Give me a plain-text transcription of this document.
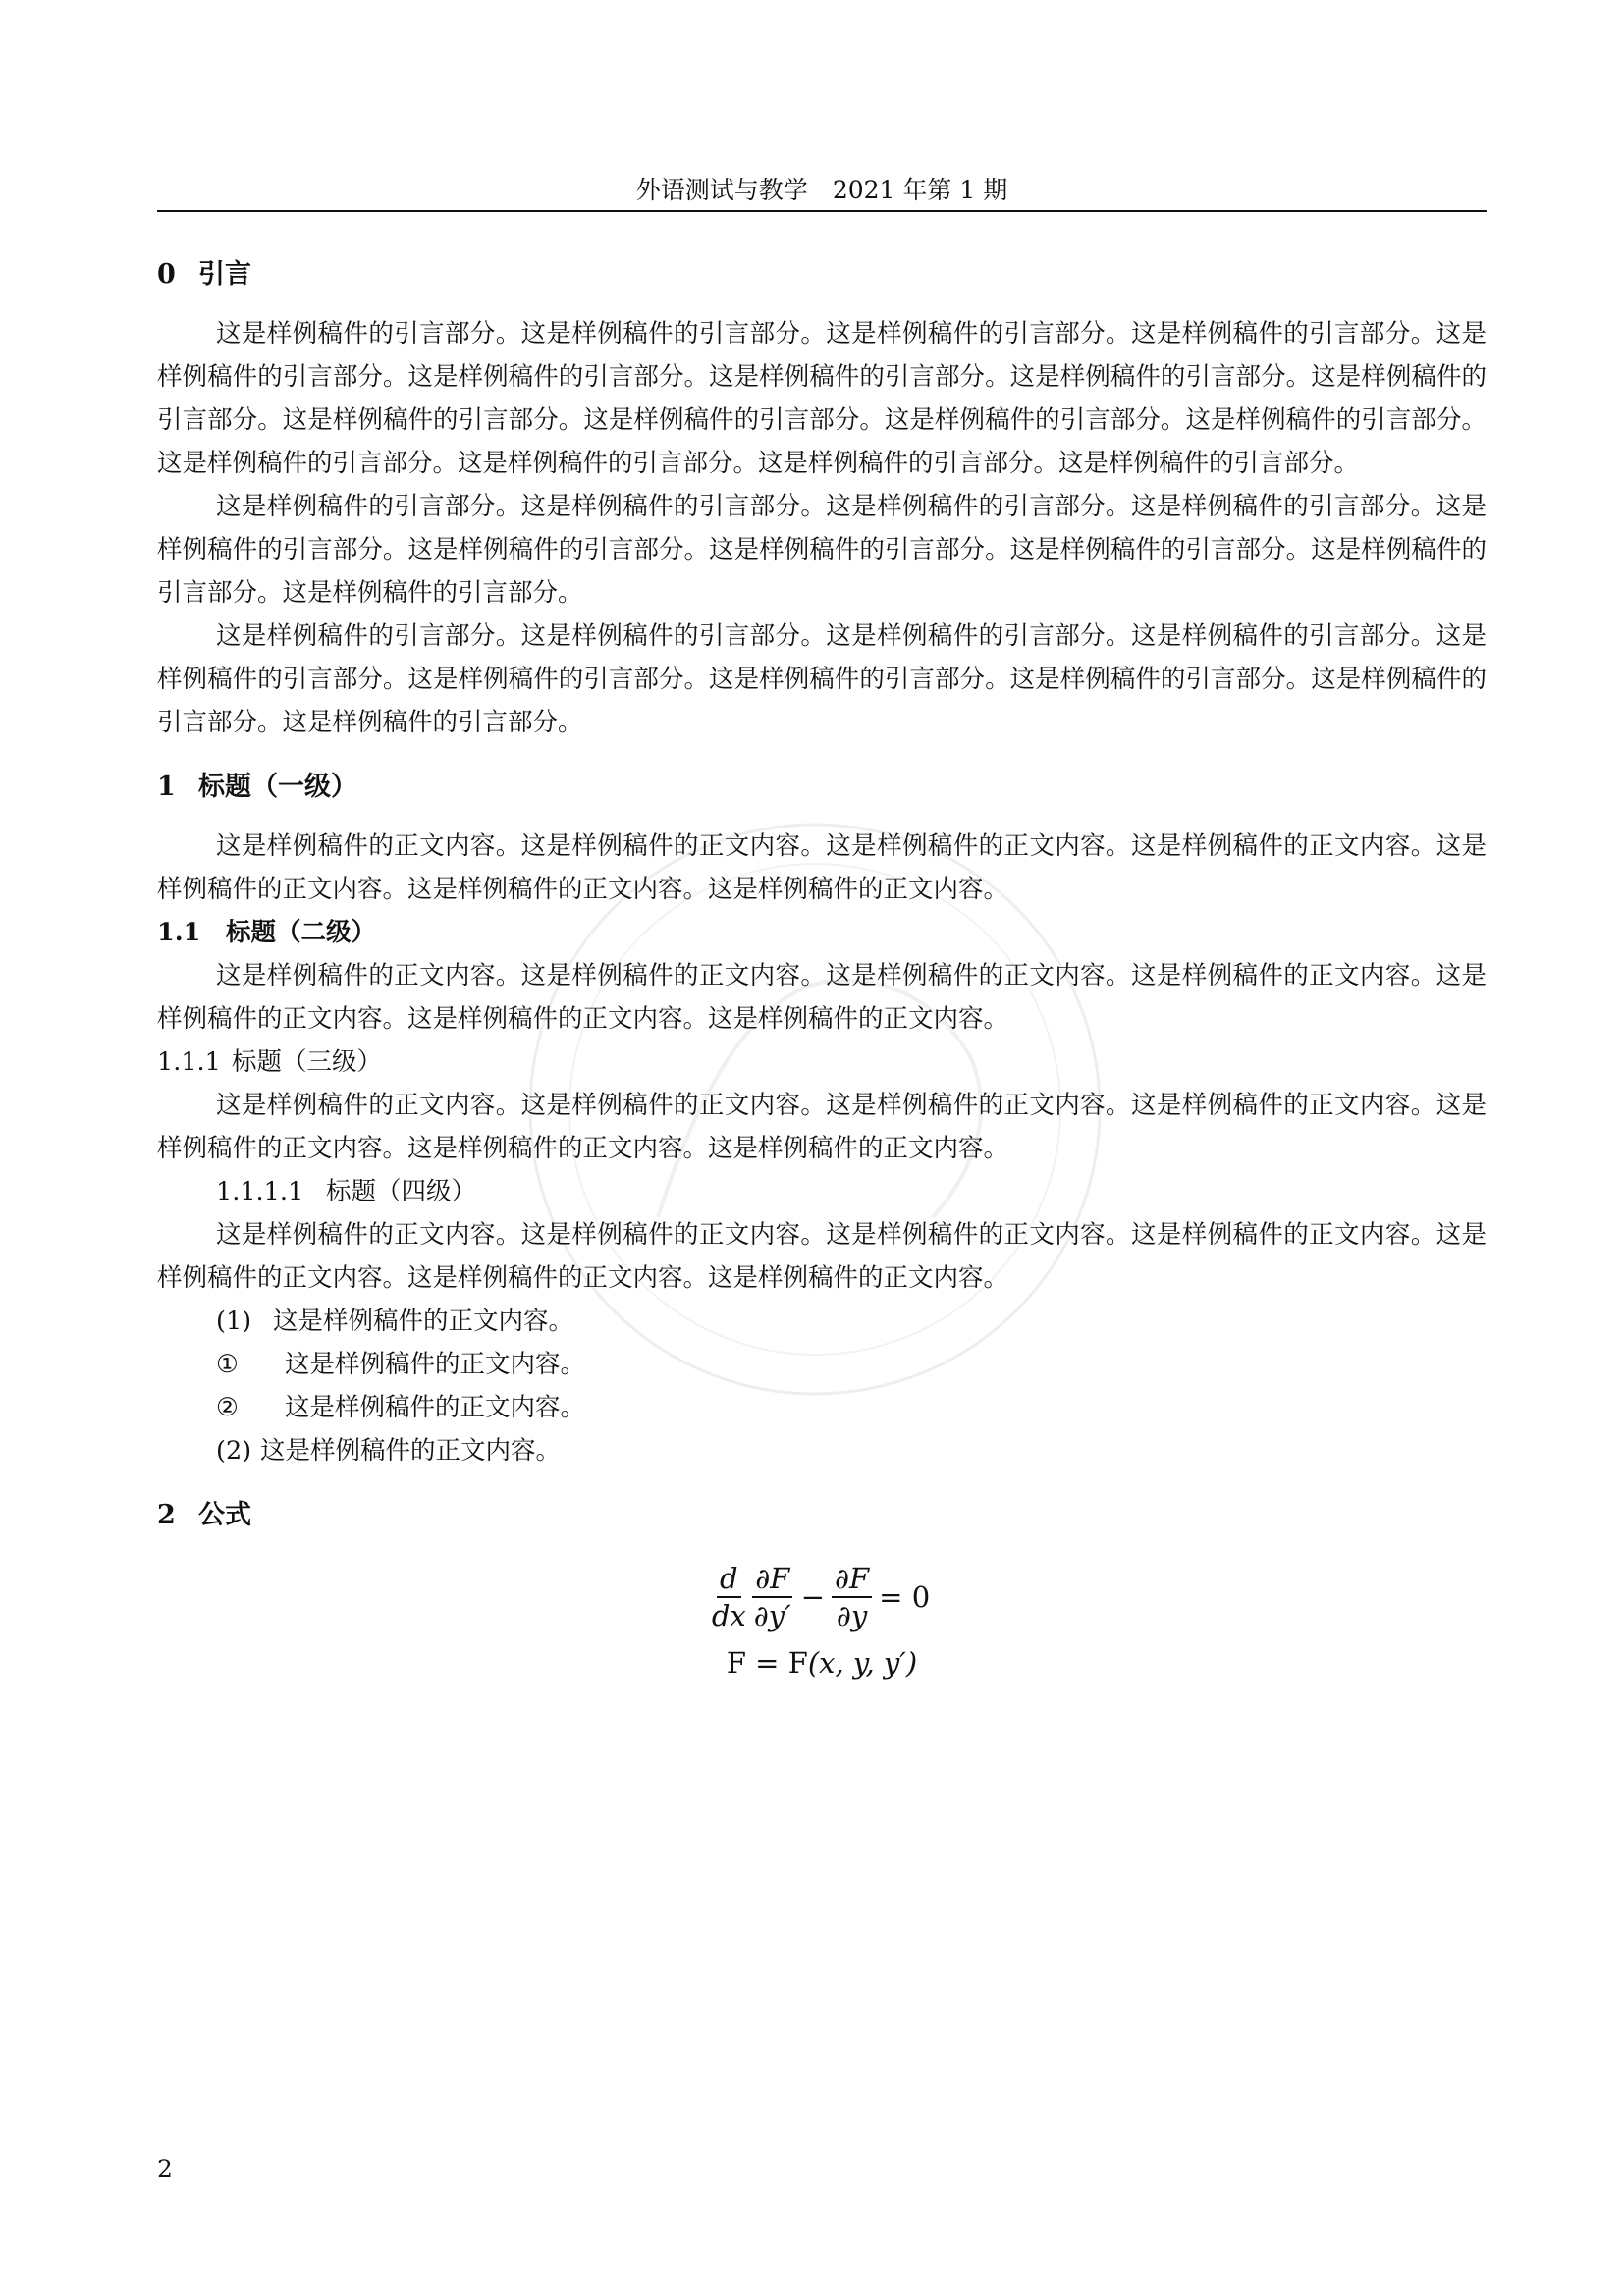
外语测试与教学　 2021 年第 1 期
0 引言

这是样例稿件的引言部分。这是样例稿件的引言部分。这是样例稿件的引言部分。这是样例稿件的引言部分。这是样例稿件的引言部分。这是样例稿件的引言部分。这是样例稿件的引言部分。这是样例稿件的引言部分。这是样例稿件的引言部分。这是样例稿件的引言部分。这是样例稿件的引言部分。这是样例稿件的引言部分。这是样例稿件的引言部分。这是样例稿件的引言部分。这是样例稿件的引言部分。这是样例稿件的引言部分。这是样例稿件的引言部分。

这是样例稿件的引言部分。这是样例稿件的引言部分。这是样例稿件的引言部分。这是样例稿件的引言部分。这是样例稿件的引言部分。这是样例稿件的引言部分。这是样例稿件的引言部分。这是样例稿件的引言部分。这是样例稿件的引言部分。这是样例稿件的引言部分。

这是样例稿件的引言部分。这是样例稿件的引言部分。这是样例稿件的引言部分。这是样例稿件的引言部分。这是样例稿件的引言部分。这是样例稿件的引言部分。这是样例稿件的引言部分。这是样例稿件的引言部分。这是样例稿件的引言部分。这是样例稿件的引言部分。

1 标题（一级）

这是样例稿件的正文内容。这是样例稿件的正文内容。这是样例稿件的正文内容。这是样例稿件的正文内容。这是样例稿件的正文内容。这是样例稿件的正文内容。这是样例稿件的正文内容。

1.1 标题（二级）

这是样例稿件的正文内容。这是样例稿件的正文内容。这是样例稿件的正文内容。这是样例稿件的正文内容。这是样例稿件的正文内容。这是样例稿件的正文内容。这是样例稿件的正文内容。

1.1.1 标题（三级）

这是样例稿件的正文内容。这是样例稿件的正文内容。这是样例稿件的正文内容。这是样例稿件的正文内容。这是样例稿件的正文内容。这是样例稿件的正文内容。这是样例稿件的正文内容。

1.1.1.1 标题（四级）

这是样例稿件的正文内容。这是样例稿件的正文内容。这是样例稿件的正文内容。这是样例稿件的正文内容。这是样例稿件的正文内容。这是样例稿件的正文内容。这是样例稿件的正文内容。

(1) 这是样例稿件的正文内容。
① 这是样例稿件的正文内容。
② 这是样例稿件的正文内容。
(2) 这是样例稿件的正文内容。
2 公式
$\frac{d}{dx} \frac{\partial F}{\partial y'} - \frac{\partial F}{\partial y} = 0$
F = F(x, y, y′)
2
